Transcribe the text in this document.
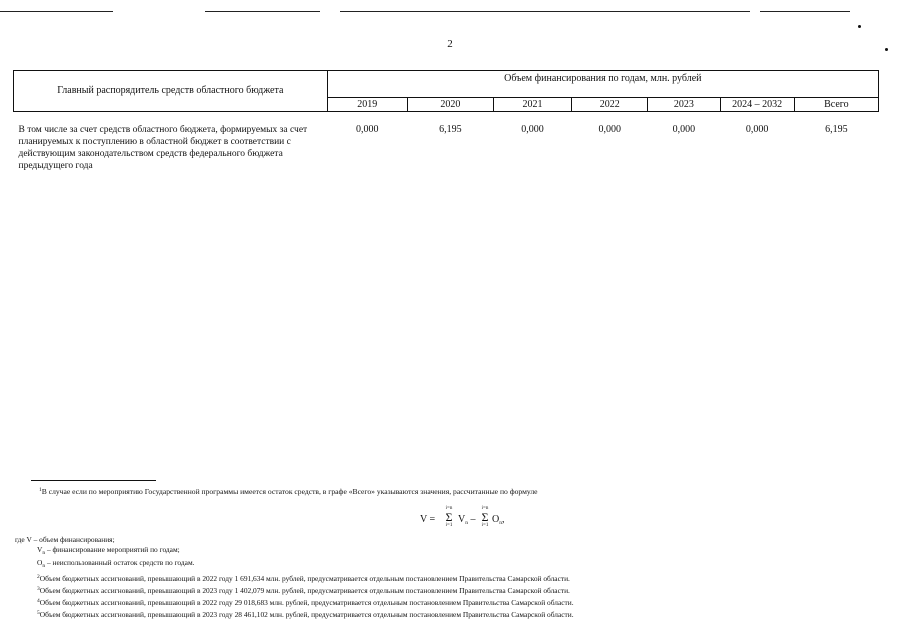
2
Главный распорядитель средств областного бюджета	Объем финансирования по годам, млн. рублей						
	2019	2020	2021	2022	2023	2024 – 2032	Всего
В том числе за счет средств областного бюджета, формируемых за счет планируемых к поступлению в областной бюджет в соответствии с действующим законодательством средств федерального бюджета предыдущего года	0,000	6,195	0,000	0,000	0,000	0,000	6,195
$^1$В случае если по мероприятию Государственной программы имеется остаток средств, в графе «Всего» указываются значения, рассчитанные по формуле
V =
i=n
Σ
i=1
$V_n$ –
i=n
Σ
i=1
$O_n$,
где V – объем финансирования;
$V_n$ – финансирование мероприятий по годам;
$O_n$ – неиспользованный остаток средств по годам.
$^2$Объем бюджетных ассигнований, превышающий в 2022 году 1 691,634 млн. рублей, предусматривается отдельным постановлением Правительства Самарской области.
$^3$Объем бюджетных ассигнований, превышающий в 2023 году 1 402,079 млн. рублей, предусматривается отдельным постановлением Правительства Самарской области.
$^4$Объем бюджетных ассигнований, превышающий в 2022 году 29 018,683 млн. рублей, предусматривается отдельным постановлением Правительства Самарской области.
$^5$Объем бюджетных ассигнований, превышающий в 2023 году 28 461,102 млн. рублей, предусматривается отдельным постановлением Правительства Самарской области.
